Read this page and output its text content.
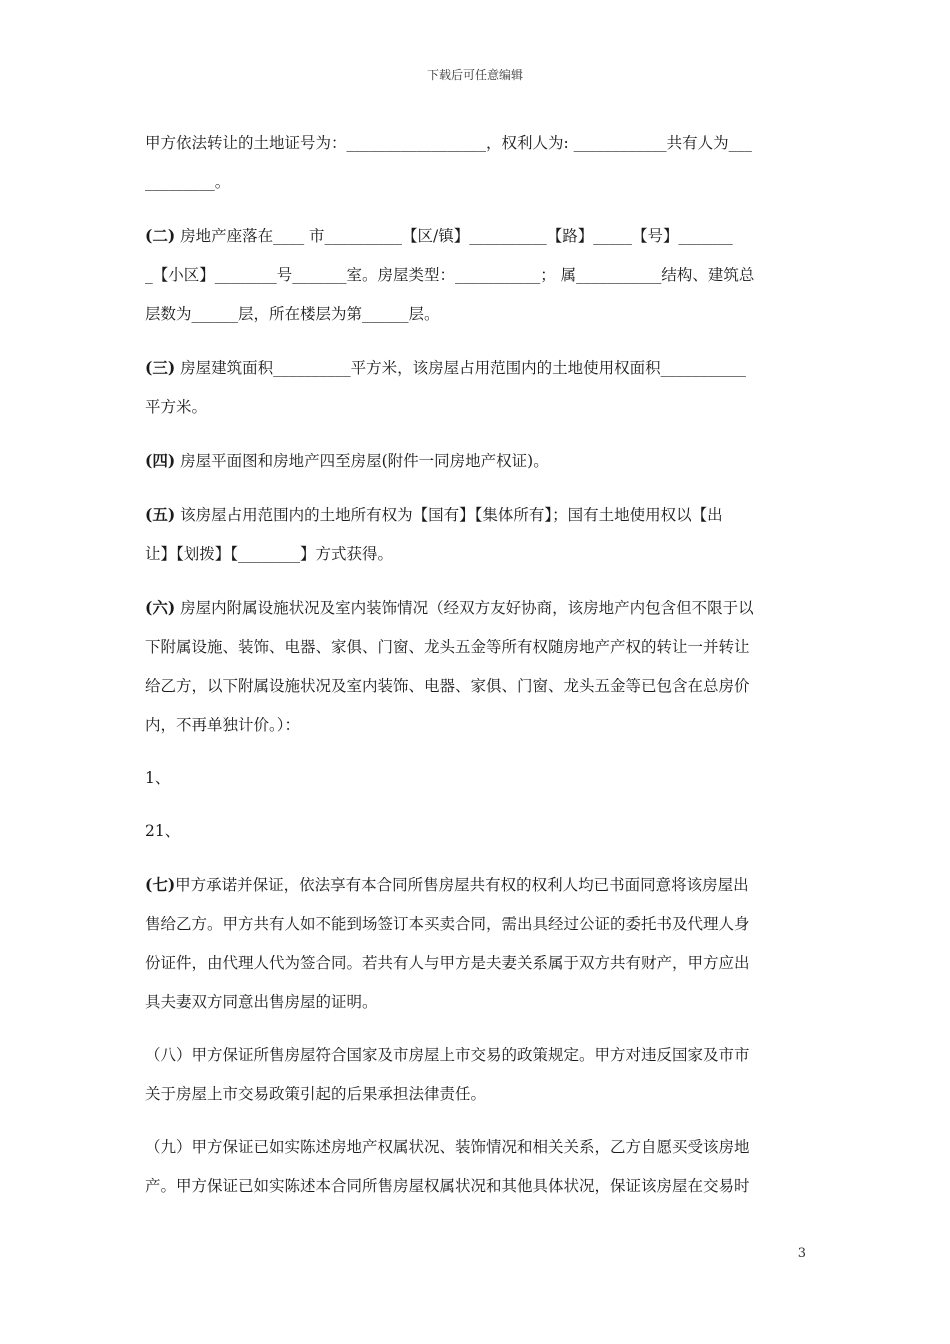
下载后可任意编辑
甲方依法转让的土地证号为：__________________，权利人为: ____________共有人为___
_________。
(二) 房地产座落在____ 市__________【区/镇】__________【路】_____【号】_______
_【小区】________号_______室。房屋类型：___________； 属___________结构、建筑总
层数为______层，所在楼层为第______层。
(三) 房屋建筑面积__________平方米，该房屋占用范围内的土地使用权面积___________
平方米。
(四) 房屋平面图和房地产四至房屋(附件一同房地产权证)。
(五) 该房屋占用范围内的土地所有权为【国有】【集体所有】；国有土地使用权以【出
让】【划拨】【________】方式获得。
(六) 房屋内附属设施状况及室内装饰情况（经双方友好协商，该房地产内包含但不限于以
下附属设施、装饰、电器、家俱、门窗、龙头五金等所有权随房地产产权的转让一并转让
给乙方，以下附属设施状况及室内装饰、电器、家俱、门窗、龙头五金等已包含在总房价
内，不再单独计价。）：
1、
21、
(七)甲方承诺并保证，依法享有本合同所售房屋共有权的权利人均已书面同意将该房屋出
售给乙方。甲方共有人如不能到场签订本买卖合同，需出具经过公证的委托书及代理人身
份证件，由代理人代为签合同。若共有人与甲方是夫妻关系属于双方共有财产，甲方应出
具夫妻双方同意出售房屋的证明。
（八）甲方保证所售房屋符合国家及市房屋上市交易的政策规定。甲方对违反国家及市市
关于房屋上市交易政策引起的后果承担法律责任。
（九）甲方保证已如实陈述房地产权属状况、装饰情况和相关关系，乙方自愿买受该房地
产。甲方保证已如实陈述本合同所售房屋权属状况和其他具体状况，保证该房屋在交易时
3
